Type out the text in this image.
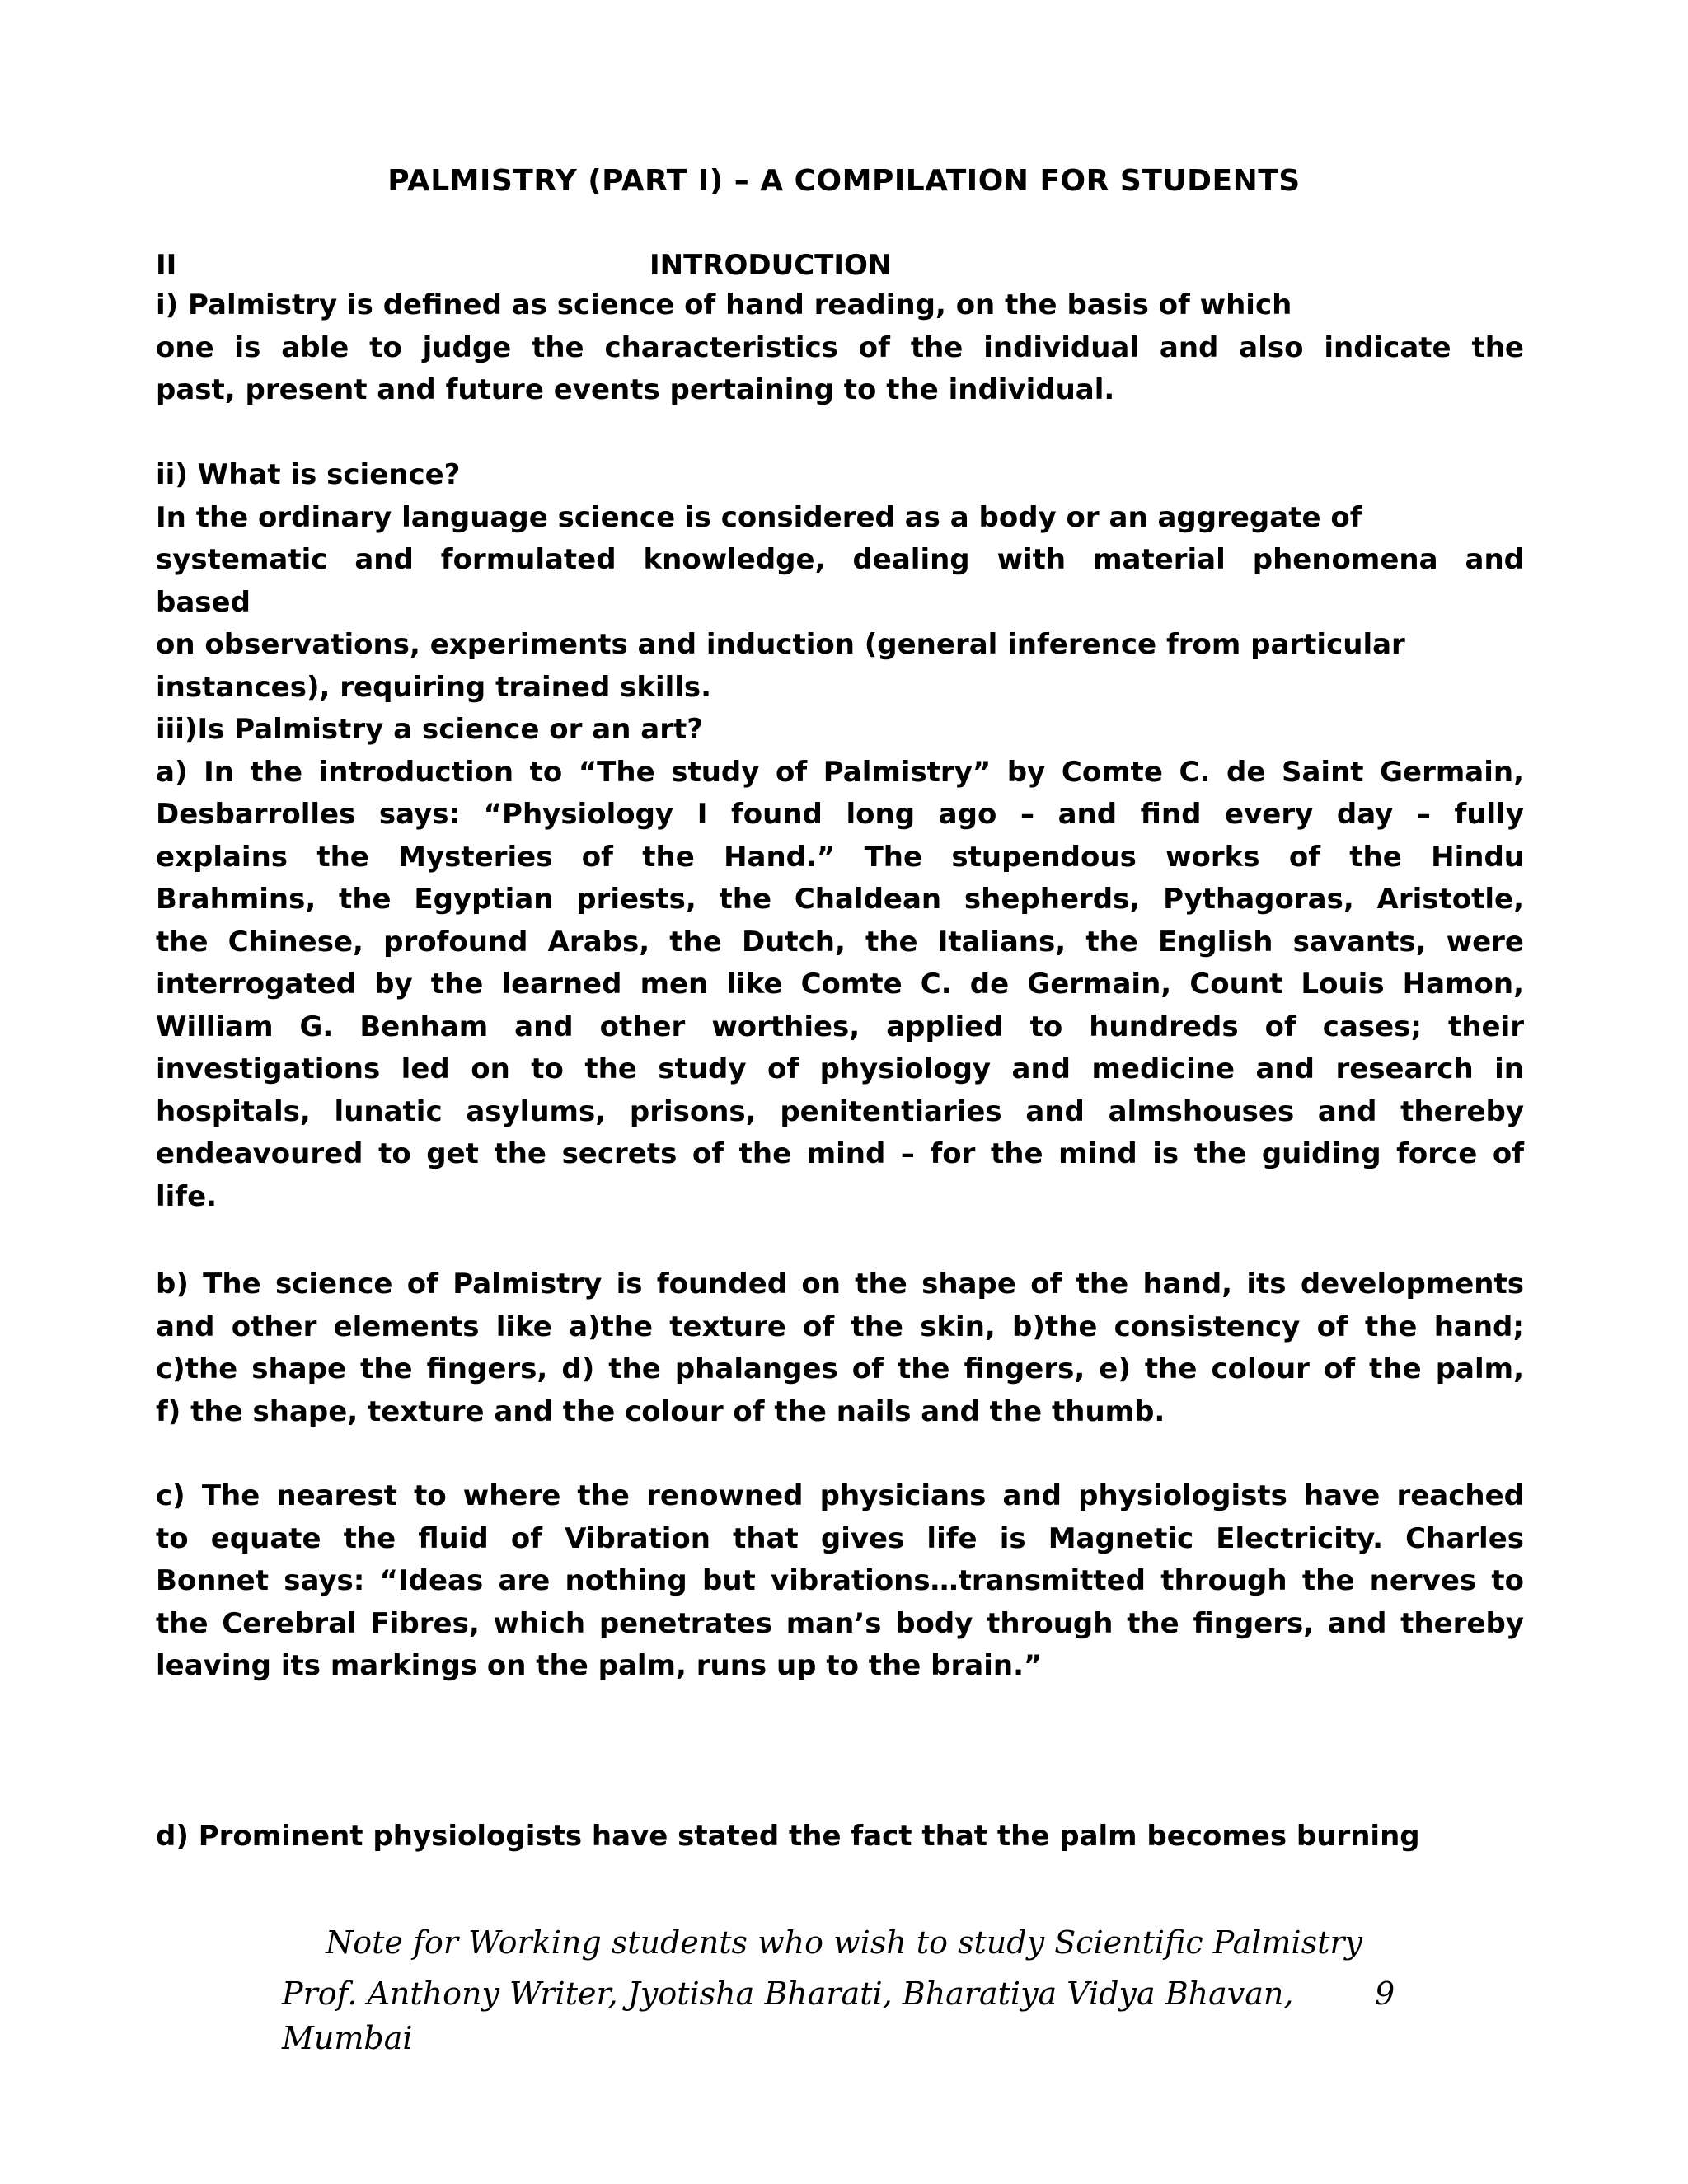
PALMISTRY (PART I) – A COMPILATION FOR STUDENTS
II	INTRODUCTION
i) Palmistry is defined as science of hand reading, on the basis of which
one is able to judge the characteristics of the individual and also indicate the
past, present and future events pertaining to the individual.
ii) What is science?
In the ordinary language science is considered as a body or an aggregate of
systematic and formulated knowledge, dealing with material phenomena and
based
on observations, experiments and induction (general inference from particular
instances), requiring trained skills.
iii)Is Palmistry a science or an art?
a) In the introduction to “The study of Palmistry” by Comte C. de Saint Germain,
Desbarrolles says: “Physiology I found long ago – and find every day – fully
explains the Mysteries of the Hand.” The stupendous works of the Hindu
Brahmins, the Egyptian priests, the Chaldean shepherds, Pythagoras, Aristotle,
the Chinese, profound Arabs, the Dutch, the Italians, the English savants, were
interrogated by the learned men like Comte C. de Germain, Count Louis Hamon,
William G. Benham and other worthies, applied to hundreds of cases; their
investigations led on to the study of physiology and medicine and research in
hospitals, lunatic asylums, prisons, penitentiaries and almshouses and thereby
endeavoured to get the secrets of the mind – for the mind is the guiding force of
life.
b) The science of Palmistry is founded on the shape of the hand, its developments
and other elements like a)the texture of the skin, b)the consistency of the hand;
c)the shape the fingers, d) the phalanges of the fingers, e) the colour of the palm,
f) the shape, texture and the colour of the nails and the thumb.
c) The nearest to where the renowned physicians and physiologists have reached
to equate the fluid of Vibration that gives life is Magnetic Electricity. Charles
Bonnet says: “Ideas are nothing but vibrations…transmitted through the nerves to
the Cerebral Fibres, which penetrates man’s body through the fingers, and thereby
leaving its markings on the palm, runs up to the brain.”
d) Prominent physiologists have stated the fact that the palm becomes burning
Note for Working students who wish to study Scientific Palmistry
Prof. Anthony Writer, Jyotisha Bharati, Bharatiya Vidya Bhavan, Mumbai
9
